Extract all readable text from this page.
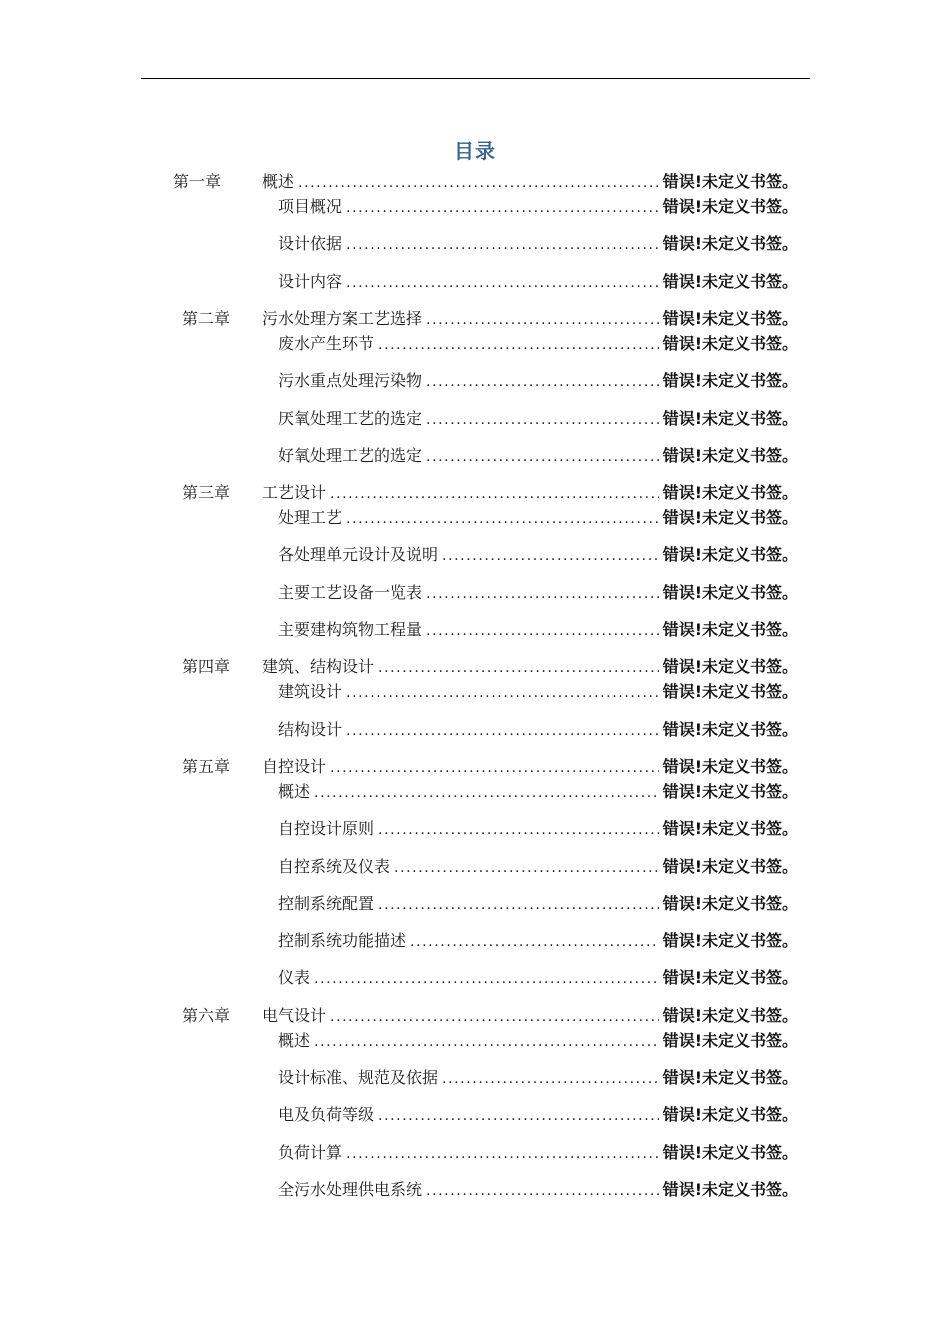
目录
第一章	概述 .....	错误!未定义书签。
项目概况 .....	错误!未定义书签。
设计依据 .....	错误!未定义书签。
设计内容 .....	错误!未定义书签。
第二章	污水处理方案工艺选择 .....	错误!未定义书签。
废水产生环节 .....	错误!未定义书签。
污水重点处理污染物 .....	错误!未定义书签。
厌氧处理工艺的选定 .....	错误!未定义书签。
好氧处理工艺的选定 .....	错误!未定义书签。
第三章	工艺设计 .....	错误!未定义书签。
处理工艺 .....	错误!未定义书签。
各处理单元设计及说明 .....	错误!未定义书签。
主要工艺设备一览表 .....	错误!未定义书签。
主要建构筑物工程量 .....	错误!未定义书签。
第四章	建筑、结构设计 .....	错误!未定义书签。
建筑设计 .....	错误!未定义书签。
结构设计 .....	错误!未定义书签。
第五章	自控设计 .....	错误!未定义书签。
概述 .....	错误!未定义书签。
自控设计原则 .....	错误!未定义书签。
自控系统及仪表 .....	错误!未定义书签。
控制系统配置 .....	错误!未定义书签。
控制系统功能描述 .....	错误!未定义书签。
仪表 .....	错误!未定义书签。
第六章	电气设计 .....	错误!未定义书签。
概述 .....	错误!未定义书签。
设计标准、规范及依据 .....	错误!未定义书签。
电及负荷等级 .....	错误!未定义书签。
负荷计算 .....	错误!未定义书签。
全污水处理供电系统 .....	错误!未定义书签。
